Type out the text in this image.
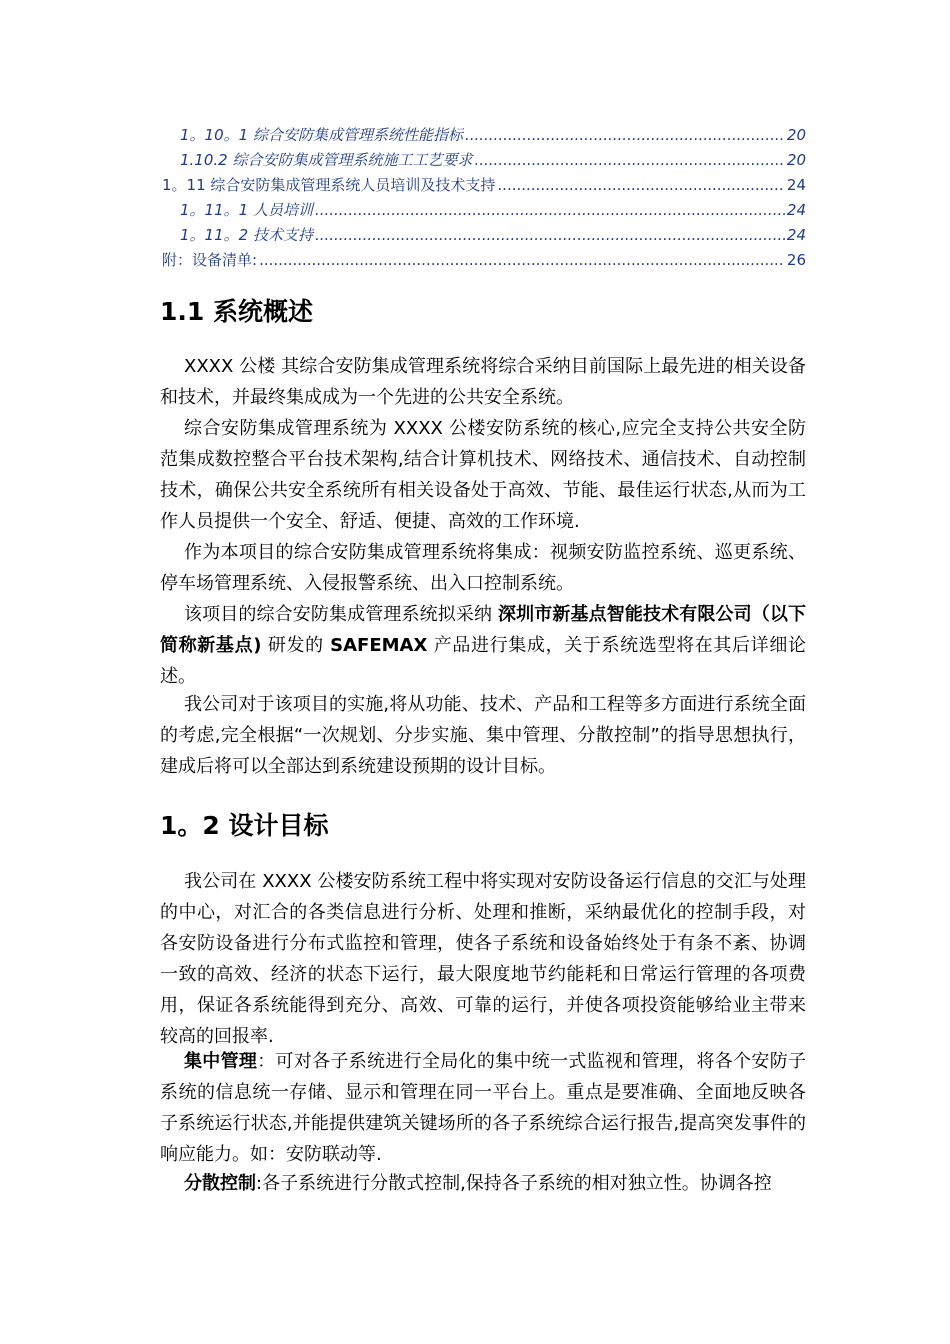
1。10。1 综合安防集成管理系统性能指标 .....	20
1.10.2 综合安防集成管理系统施工工艺要求 .....	20
1。11 综合安防集成管理系统人员培训及技术支持 .....	24
1。11。1 人员培训 .....	24
1。11。2 技术支持 .....	24
附：设备清单: .....	26
1.1 系统概述
XXXX 公楼 其综合安防集成管理系统将综合采纳目前国际上最先进的相关设备和技术，并最终集成成为一个先进的公共安全系统。
综合安防集成管理系统为 XXXX 公楼安防系统的核心,应完全支持公共安全防范集成数控整合平台技术架构,结合计算机技术、网络技术、通信技术、自动控制技术，确保公共安全系统所有相关设备处于高效、节能、最佳运行状态,从而为工作人员提供一个安全、舒适、便捷、高效的工作环境.
作为本项目的综合安防集成管理系统将集成：视频安防监控系统、巡更系统、停车场管理系统、入侵报警系统、出入口控制系统。
该项目的综合安防集成管理系统拟采纳 深圳市新基点智能技术有限公司（以下简称新基点) 研发的 SAFEMAX 产品进行集成，关于系统选型将在其后详细论述。
我公司对于该项目的实施,将从功能、技术、产品和工程等多方面进行系统全面的考虑,完全根据“一次规划、分步实施、集中管理、分散控制”的指导思想执行，建成后将可以全部达到系统建设预期的设计目标。
1。2 设计目标
我公司在 XXXX 公楼安防系统工程中将实现对安防设备运行信息的交汇与处理的中心，对汇合的各类信息进行分析、处理和推断，采纳最优化的控制手段，对各安防设备进行分布式监控和管理，使各子系统和设备始终处于有条不紊、协调一致的高效、经济的状态下运行，最大限度地节约能耗和日常运行管理的各项费用，保证各系统能得到充分、高效、可靠的运行，并使各项投资能够给业主带来较高的回报率.
集中管理：可对各子系统进行全局化的集中统一式监视和管理，将各个安防子系统的信息统一存储、显示和管理在同一平台上。重点是要准确、全面地反映各子系统运行状态,并能提供建筑关键场所的各子系统综合运行报告,提高突发事件的响应能力。如：安防联动等.
分散控制:各子系统进行分散式控制,保持各子系统的相对独立性。协调各控
